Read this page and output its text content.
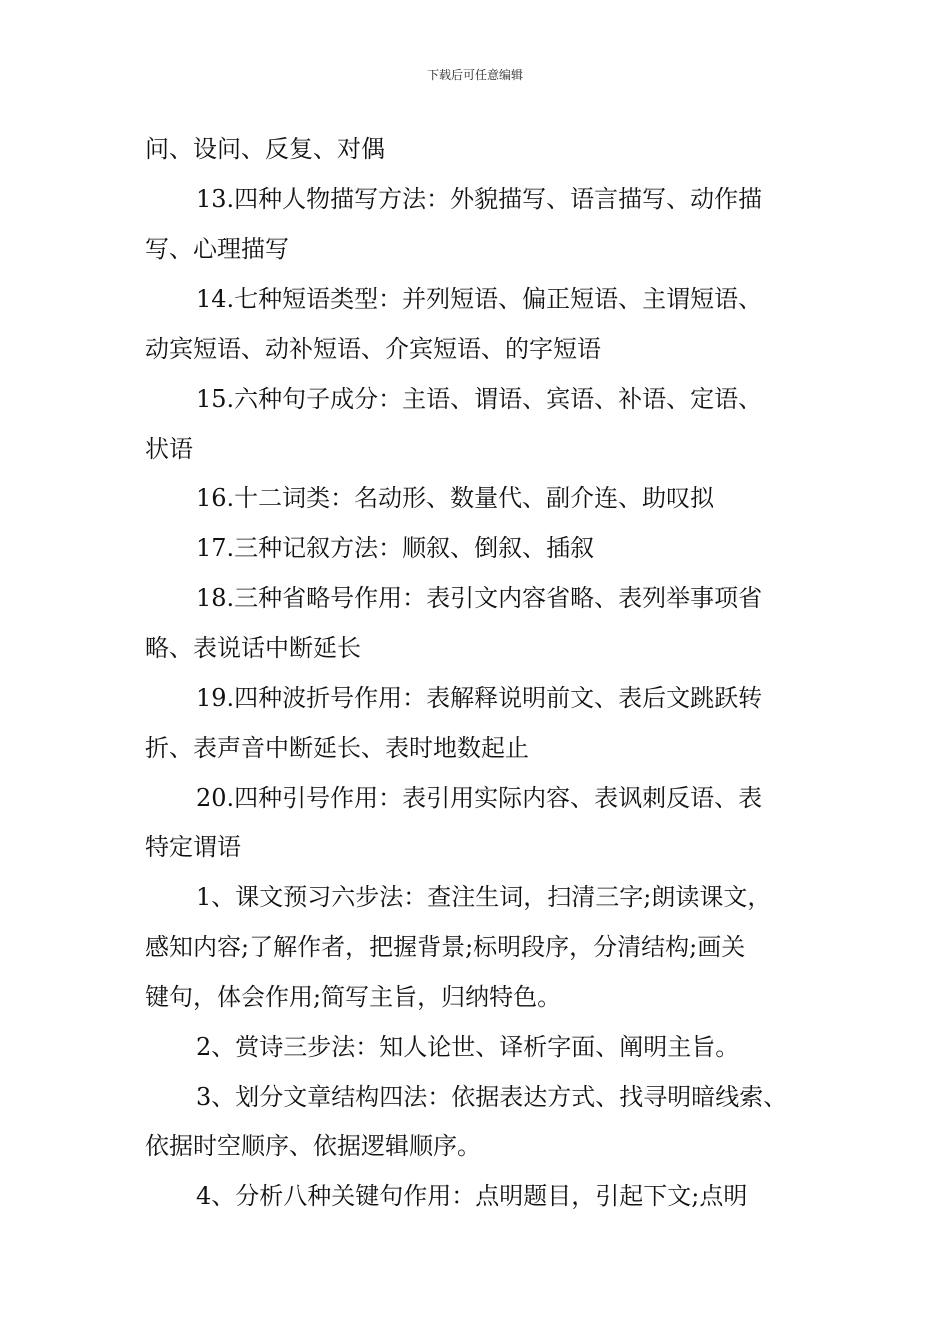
下载后可任意编辑
问、设问、反复、对偶
13.四种人物描写方法：外貌描写、语言描写、动作描
写、心理描写
14.七种短语类型：并列短语、偏正短语、主谓短语、
动宾短语、动补短语、介宾短语、的字短语
15.六种句子成分：主语、谓语、宾语、补语、定语、
状语
16.十二词类：名动形、数量代、副介连、助叹拟
17.三种记叙方法：顺叙、倒叙、插叙
18.三种省略号作用：表引文内容省略、表列举事项省
略、表说话中断延长
19.四种波折号作用：表解释说明前文、表后文跳跃转
折、表声音中断延长、表时地数起止
20.四种引号作用：表引用实际内容、表讽刺反语、表
特定谓语
1、课文预习六步法：查注生词，扫清三字;朗读课文，
感知内容;了解作者，把握背景;标明段序，分清结构;画关
键句，体会作用;简写主旨，归纳特色。
2、赏诗三步法：知人论世、译析字面、阐明主旨。
3、划分文章结构四法：依据表达方式、找寻明暗线索、
依据时空顺序、依据逻辑顺序。
4、分析八种关键句作用：点明题目，引起下文;点明
